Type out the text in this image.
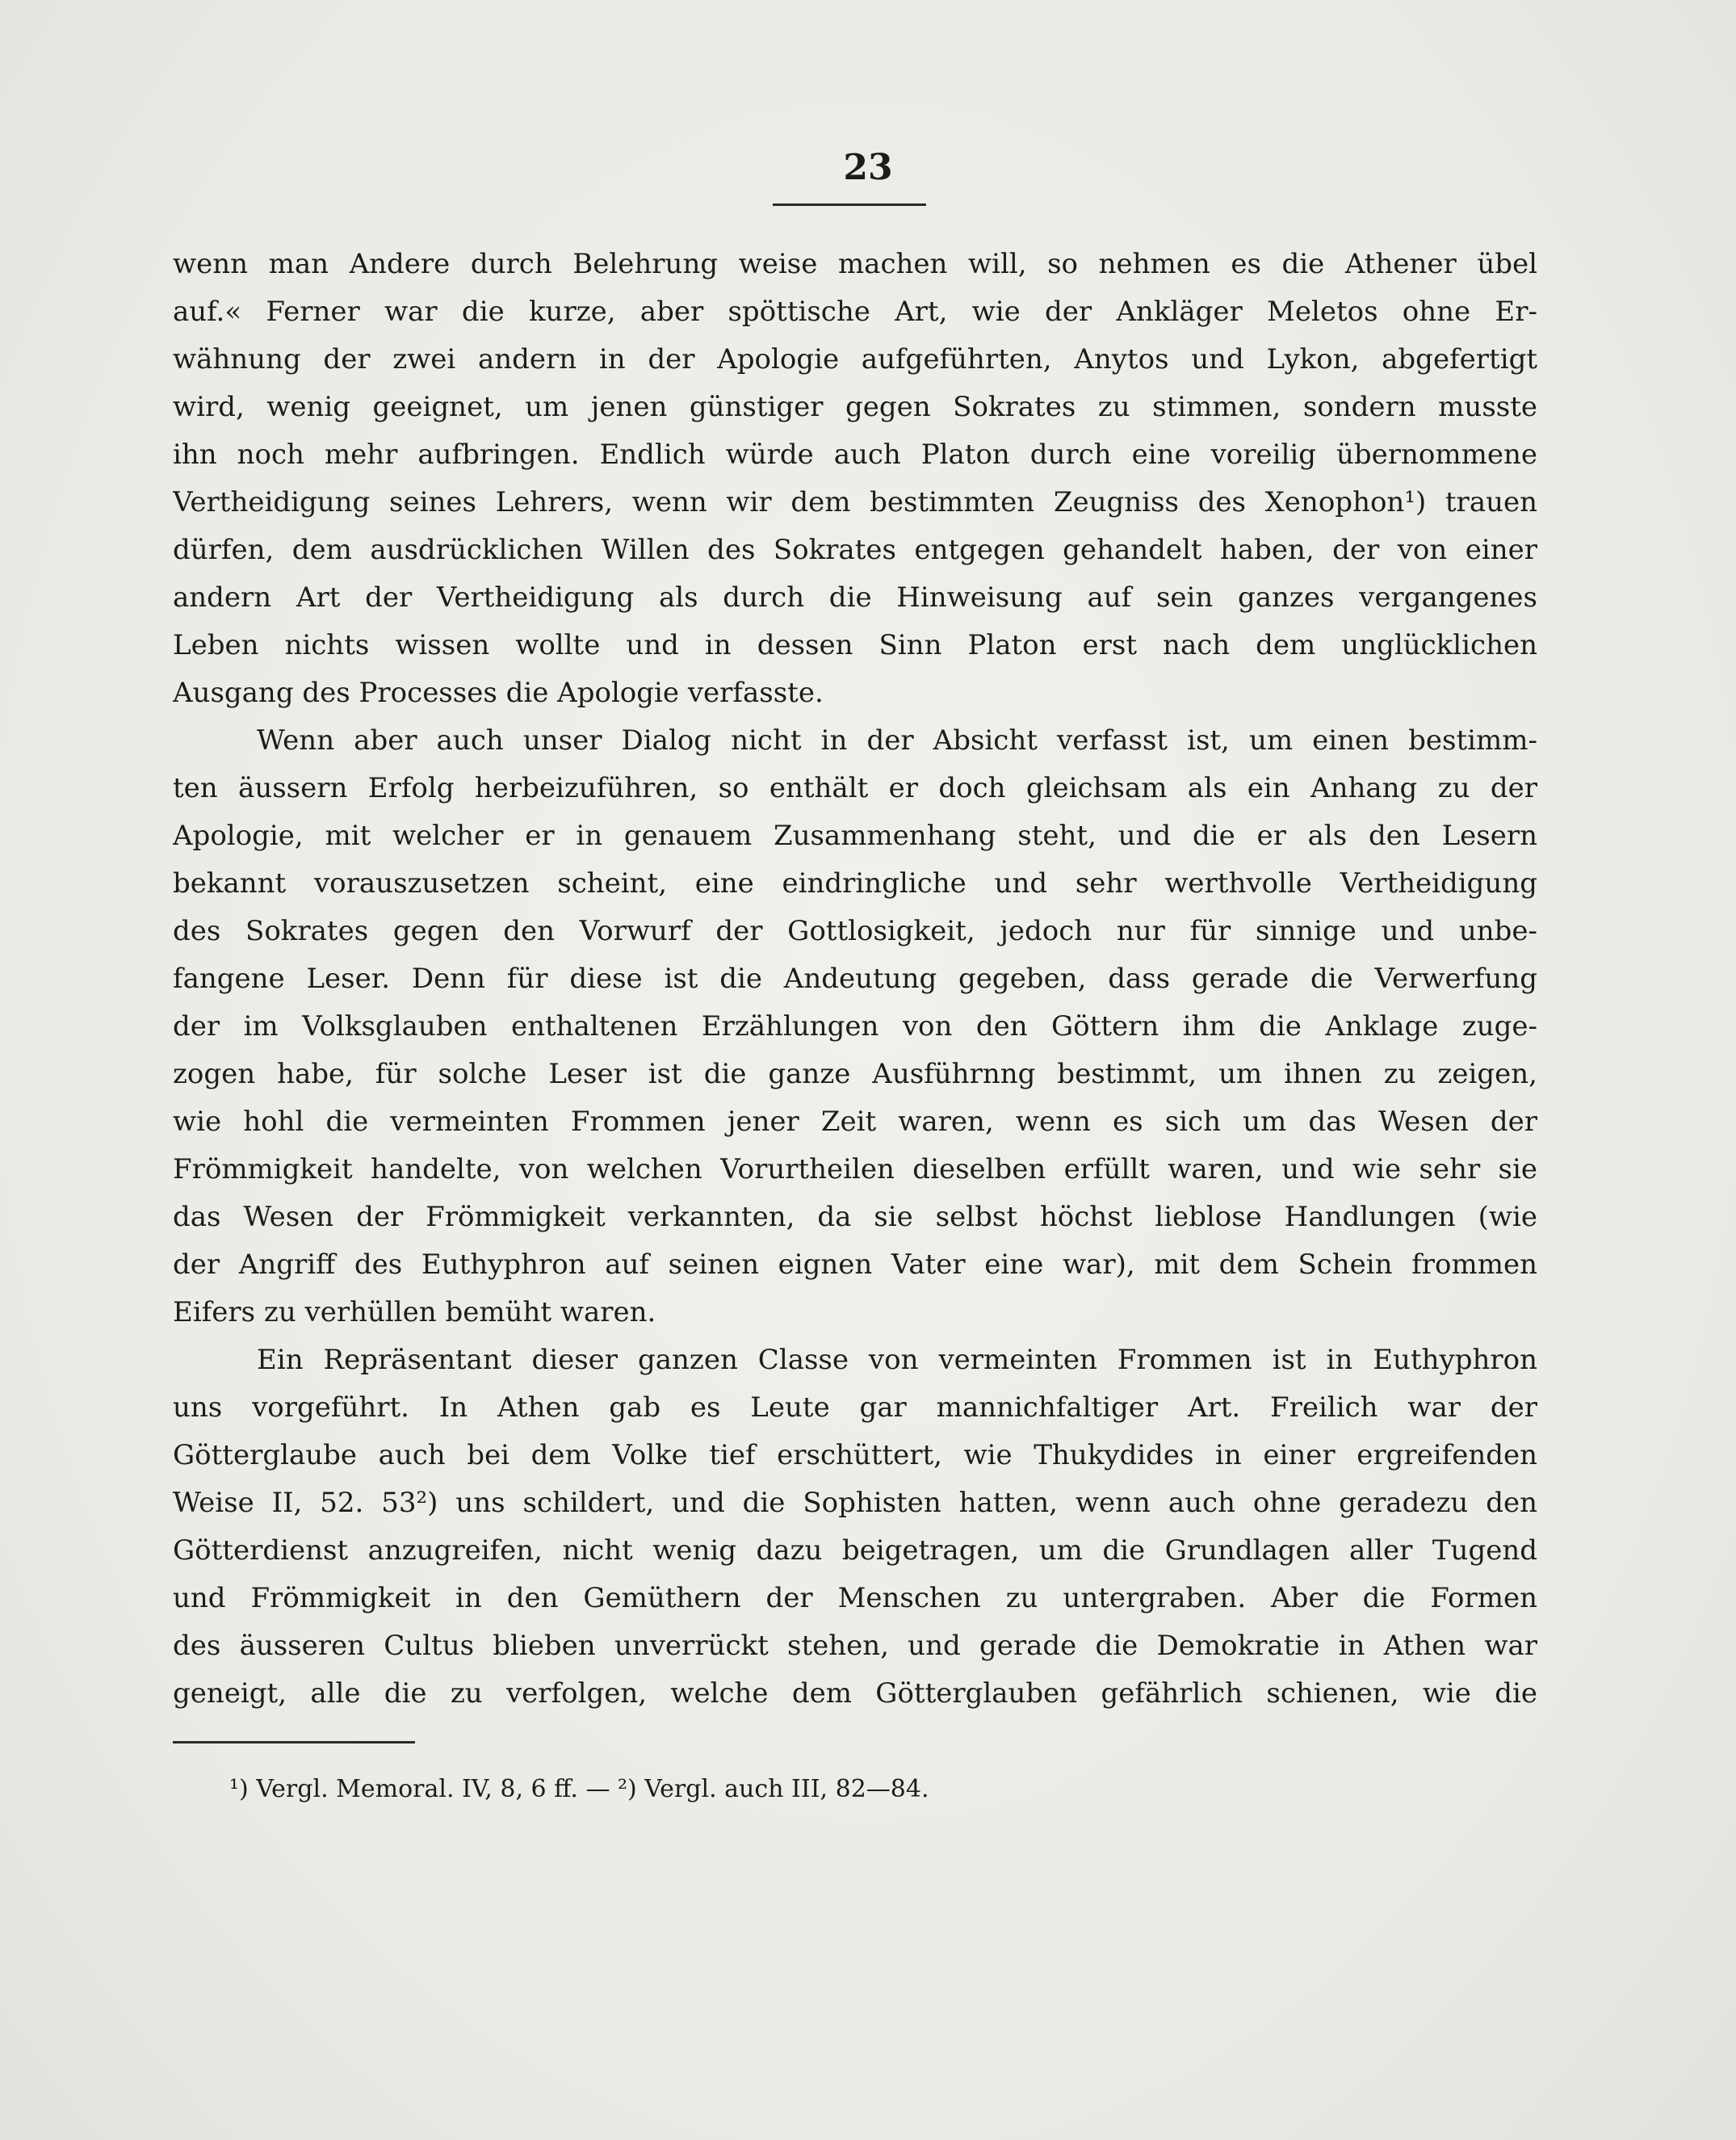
23
wenn man Andere durch Belehrung weise machen will, so nehmen es die Athener übel
auf.« Ferner war die kurze, aber spöttische Art, wie der Ankläger Meletos ohne Er-
wähnung der zwei andern in der Apologie aufgeführten, Anytos und Lykon, abgefertigt
wird, wenig geeignet, um jenen günstiger gegen Sokrates zu stimmen, sondern musste
ihn noch mehr aufbringen. Endlich würde auch Platon durch eine voreilig übernommene
Vertheidigung seines Lehrers, wenn wir dem bestimmten Zeugniss des Xenophon¹) trauen
dürfen, dem ausdrücklichen Willen des Sokrates entgegen gehandelt haben, der von einer
andern Art der Vertheidigung als durch die Hinweisung auf sein ganzes vergangenes
Leben nichts wissen wollte und in dessen Sinn Platon erst nach dem unglücklichen
Ausgang des Processes die Apologie verfasste.
Wenn aber auch unser Dialog nicht in der Absicht verfasst ist, um einen bestimm-
ten äussern Erfolg herbeizuführen, so enthält er doch gleichsam als ein Anhang zu der
Apologie, mit welcher er in genauem Zusammenhang steht, und die er als den Lesern
bekannt vorauszusetzen scheint, eine eindringliche und sehr werthvolle Vertheidigung
des Sokrates gegen den Vorwurf der Gottlosigkeit, jedoch nur für sinnige und unbe-
fangene Leser. Denn für diese ist die Andeutung gegeben, dass gerade die Verwerfung
der im Volksglauben enthaltenen Erzählungen von den Göttern ihm die Anklage zuge-
zogen habe, für solche Leser ist die ganze Ausführnng bestimmt, um ihnen zu zeigen,
wie hohl die vermeinten Frommen jener Zeit waren, wenn es sich um das Wesen der
Frömmigkeit handelte, von welchen Vorurtheilen dieselben erfüllt waren, und wie sehr sie
das Wesen der Frömmigkeit verkannten, da sie selbst höchst lieblose Handlungen (wie
der Angriff des Euthyphron auf seinen eignen Vater eine war), mit dem Schein frommen
Eifers zu verhüllen bemüht waren.
Ein Repräsentant dieser ganzen Classe von vermeinten Frommen ist in Euthyphron
uns vorgeführt. In Athen gab es Leute gar mannichfaltiger Art. Freilich war der
Götterglaube auch bei dem Volke tief erschüttert, wie Thukydides in einer ergreifenden
Weise II, 52. 53²) uns schildert, und die Sophisten hatten, wenn auch ohne geradezu den
Götterdienst anzugreifen, nicht wenig dazu beigetragen, um die Grundlagen aller Tugend
und Frömmigkeit in den Gemüthern der Menschen zu untergraben. Aber die Formen
des äusseren Cultus blieben unverrückt stehen, und gerade die Demokratie in Athen war
geneigt, alle die zu verfolgen, welche dem Götterglauben gefährlich schienen, wie die
¹) Vergl. Memoral. IV, 8, 6 ff. — ²) Vergl. auch III, 82—84.
